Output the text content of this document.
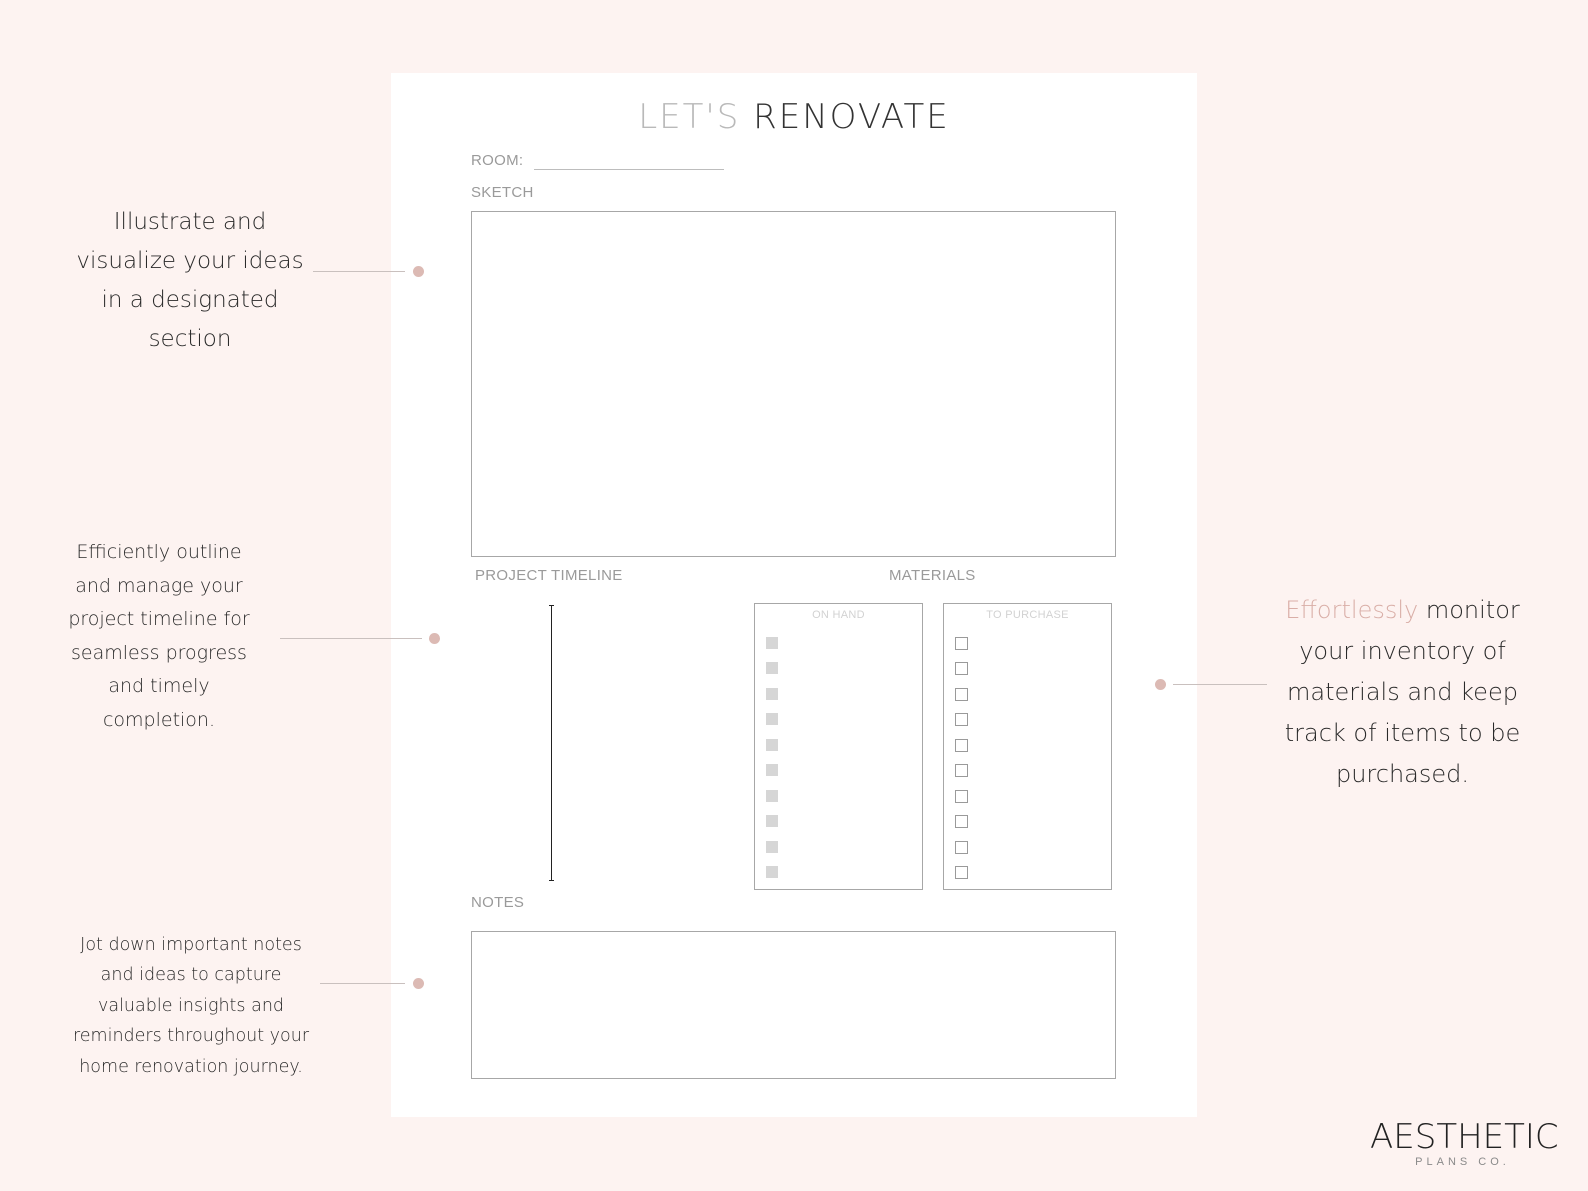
LET'S RENOVATE
ROOM:
SKETCH
PROJECT TIMELINE	MATERIALS
ON HAND	TO PURCHASE
NOTES
Illustrate and
visualize your ideas
in a designated
section
Efficiently outline
and manage your
project timeline for
seamless progress
and timely
completion.
Jot down important notes
and ideas to capture
valuable insights and
reminders throughout your
home renovation journey.
Effortlessly monitor
your inventory of
materials and keep
track of items to be
purchased.
AESTHETIC
PLANS CO.
